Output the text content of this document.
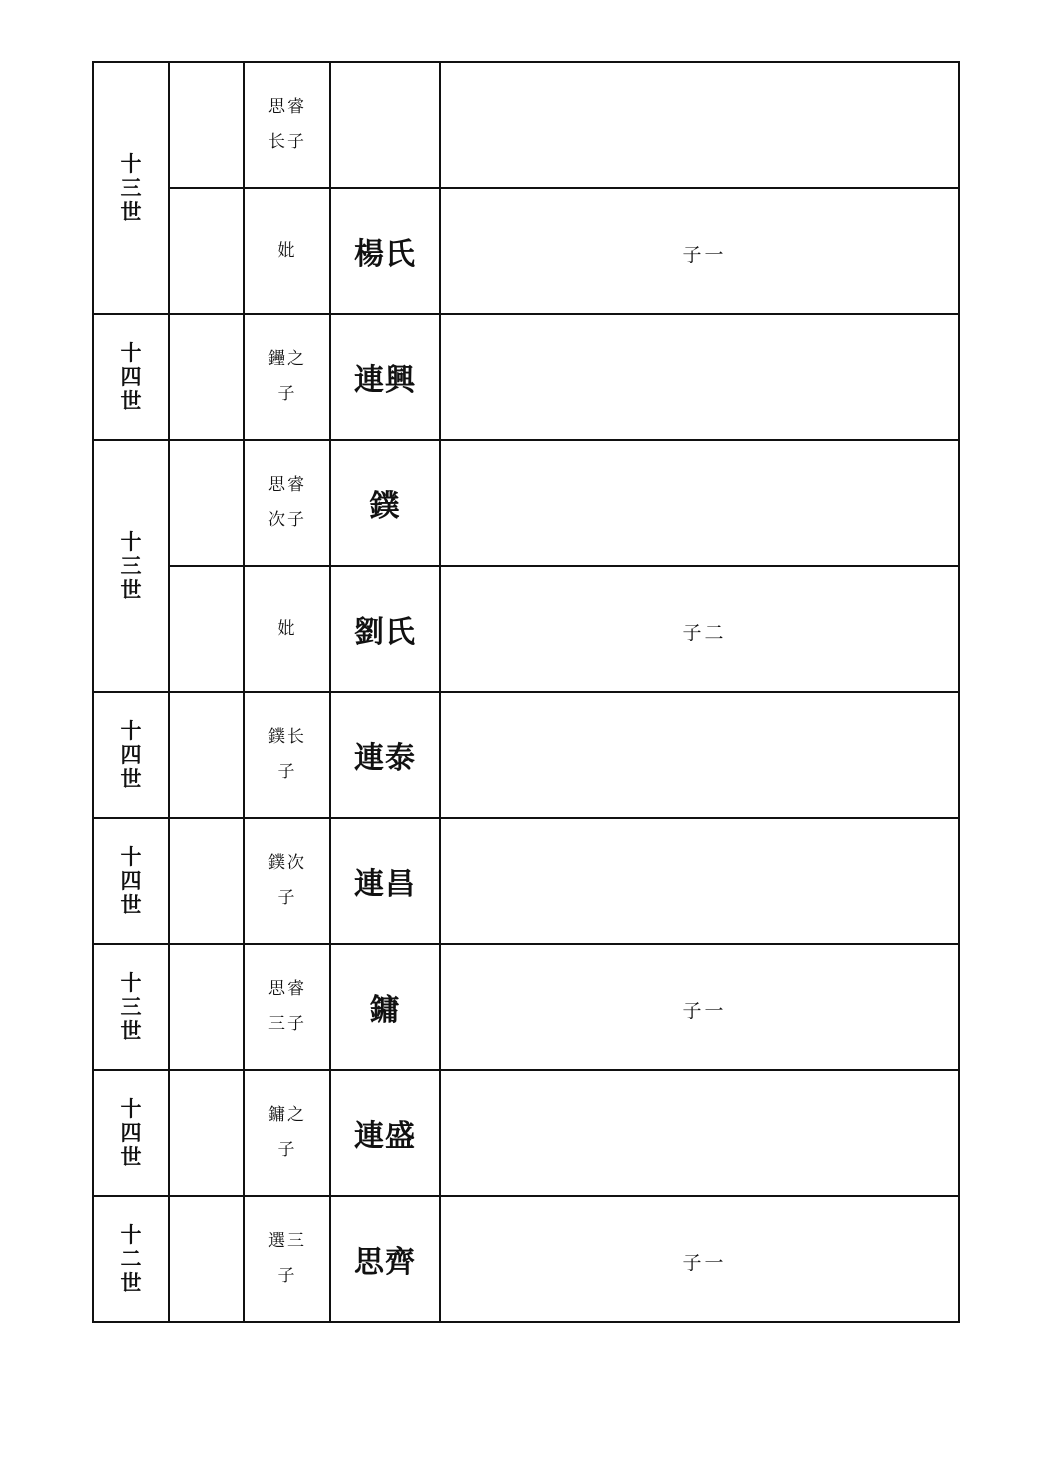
十三世		思睿长子		

		妣	楊氏	子一

十四世		鑸之子	連興	

十三世		思睿次子	鏷	

		妣	劉氏	子二

十四世		鏷长子	連泰	

十四世		鏷次子	連昌	

十三世		思睿三子	鏞	子一

十四世		鏞之子	連盛	

十二世		選三子	思齊	子一
